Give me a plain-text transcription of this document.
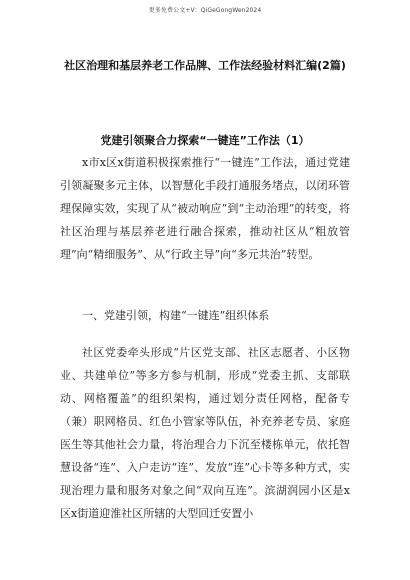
更多免费公文+V：QiGeGongWen2024
社区治理和基层养老工作品牌、工作法经验材料汇编(2篇)
党建引领聚合力探索“一键连”工作法（1）

x市x区x街道积极探索推行“一键连”工作法，通过党建引领凝聚多元主体，以智慧化手段打通服务堵点，以闭环管理保障实效，实现了从“被动响应”到“主动治理”的转变，将社区治理与基层养老进行融合探索，推动社区从“粗放管理”向“精细服务”、从“行政主导”向“多元共治”转型。

一、党建引领，构建“一键连”组织体系

社区党委牵头形成“片区党支部、社区志愿者、小区物业、共建单位”等多方参与机制，形成“党委主抓、支部联动、网格覆盖”的组织架构，通过划分责任网格，配备专（兼）职网格员、红色小管家等队伍，补充养老专员、家庭医生等其他社会力量，将治理合力下沉至楼栋单元，依托智慧设备“连”、入户走访“连”、发放“连”心卡等多种方式，实现治理力量和服务对象之间“双向互连”。滨湖润园小区是x区x街道迎淮社区所辖的大型回迁安置小
